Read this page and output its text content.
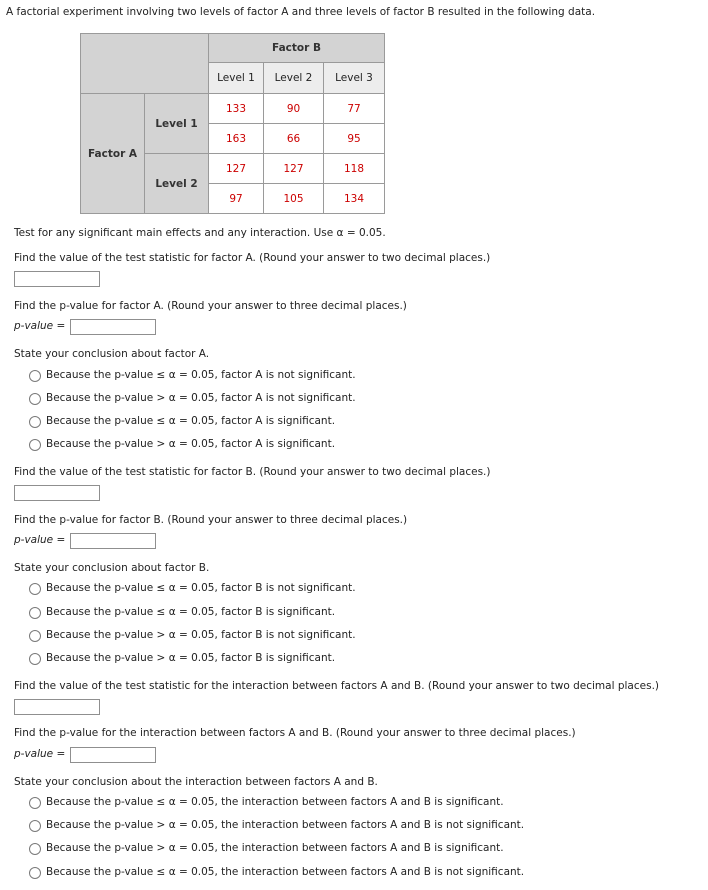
A factorial experiment involving two levels of factor A and three levels of factor B resulted in the following data.
		Factor B		
		Level 1	Level 2	Level 3
Factor A	Level 1	133	90	77
		163	66	95
	Level 2	127	127	118
		97	105	134
Test for any significant main effects and any interaction. Use α = 0.05.
Find the value of the test statistic for factor A. (Round your answer to two decimal places.)
Find the p-value for factor A. (Round your answer to three decimal places.)
p-value =
State your conclusion about factor A.
Because the p-value ≤ α = 0.05, factor A is not significant.
Because the p-value > α = 0.05, factor A is not significant.
Because the p-value ≤ α = 0.05, factor A is significant.
Because the p-value > α = 0.05, factor A is significant.
Find the value of the test statistic for factor B. (Round your answer to two decimal places.)
Find the p-value for factor B. (Round your answer to three decimal places.)
p-value =
State your conclusion about factor B.
Because the p-value ≤ α = 0.05, factor B is not significant.
Because the p-value ≤ α = 0.05, factor B is significant.
Because the p-value > α = 0.05, factor B is not significant.
Because the p-value > α = 0.05, factor B is significant.
Find the value of the test statistic for the interaction between factors A and B. (Round your answer to two decimal places.)
Find the p-value for the interaction between factors A and B. (Round your answer to three decimal places.)
p-value =
State your conclusion about the interaction between factors A and B.
Because the p-value ≤ α = 0.05, the interaction between factors A and B is significant.
Because the p-value > α = 0.05, the interaction between factors A and B is not significant.
Because the p-value > α = 0.05, the interaction between factors A and B is significant.
Because the p-value ≤ α = 0.05, the interaction between factors A and B is not significant.
